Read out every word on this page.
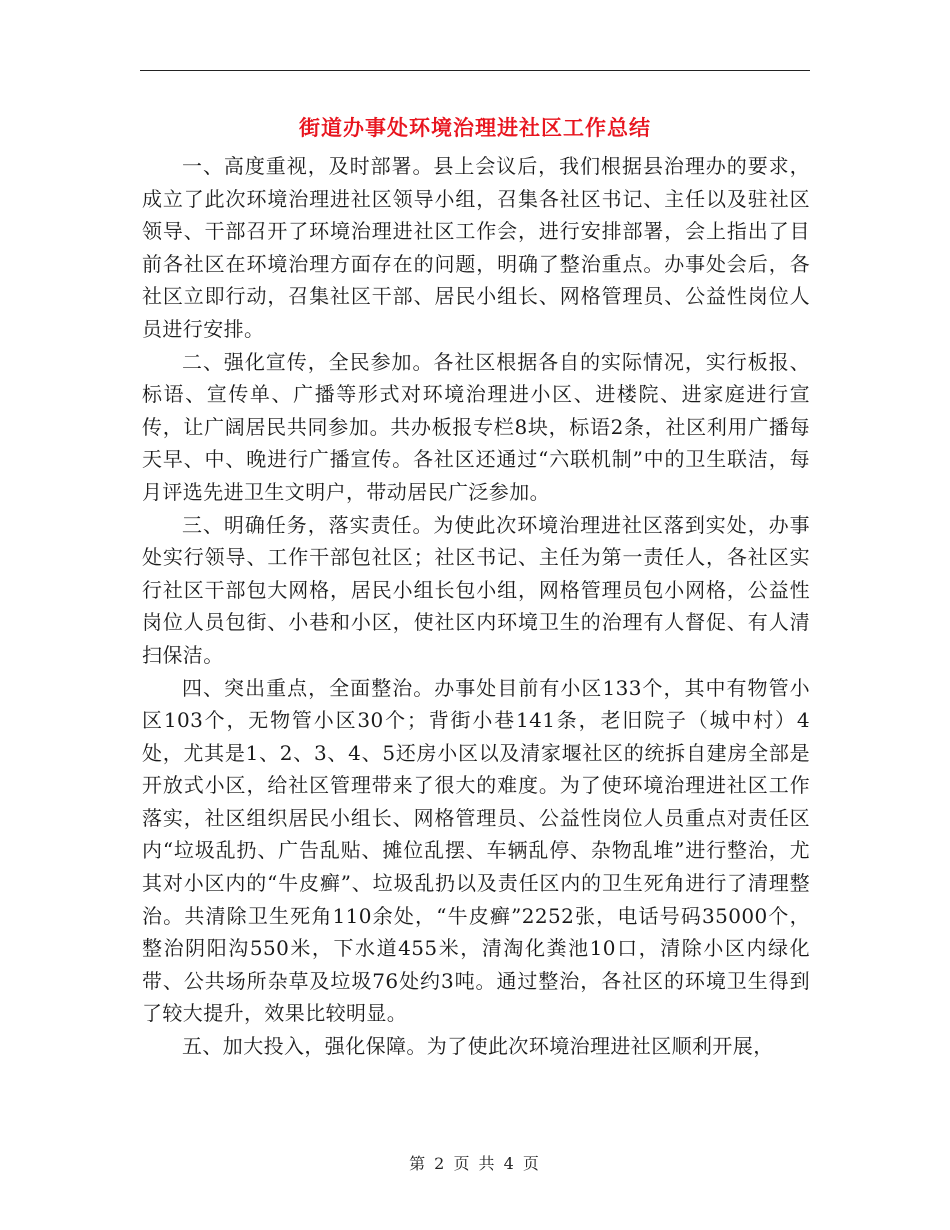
街道办事处环境治理进社区工作总结

一、高度重视，及时部署。县上会议后，我们根据县治理办的要求，成立了此次环境治理进社区领导小组，召集各社区书记、主任以及驻社区领导、干部召开了环境治理进社区工作会，进行安排部署，会上指出了目前各社区在环境治理方面存在的问题，明确了整治重点。办事处会后，各社区立即行动，召集社区干部、居民小组长、网格管理员、公益性岗位人员进行安排。

二、强化宣传，全民参加。各社区根据各自的实际情况，实行板报、标语、宣传单、广播等形式对环境治理进小区、进楼院、进家庭进行宣传，让广阔居民共同参加。共办板报专栏8块，标语2条，社区利用广播每天早、中、晚进行广播宣传。各社区还通过“六联机制”中的卫生联洁，每月评选先进卫生文明户，带动居民广泛参加。

三、明确任务，落实责任。为使此次环境治理进社区落到实处，办事处实行领导、工作干部包社区；社区书记、主任为第一责任人，各社区实行社区干部包大网格，居民小组长包小组，网格管理员包小网格，公益性岗位人员包街、小巷和小区，使社区内环境卫生的治理有人督促、有人清扫保洁。

四、突出重点，全面整治。办事处目前有小区133个，其中有物管小区103个，无物管小区30个；背街小巷141条，老旧院子（城中村）4处，尤其是1、2、3、4、5还房小区以及清家堰社区的统拆自建房全部是开放式小区，给社区管理带来了很大的难度。为了使环境治理进社区工作落实，社区组织居民小组长、网格管理员、公益性岗位人员重点对责任区内“垃圾乱扔、广告乱贴、摊位乱摆、车辆乱停、杂物乱堆”进行整治，尤其对小区内的“牛皮癣”、垃圾乱扔以及责任区内的卫生死角进行了清理整治。共清除卫生死角110余处，“牛皮癣”2252张，电话号码35000个，整治阴阳沟550米，下水道455米，清淘化粪池10口，清除小区内绿化带、公共场所杂草及垃圾76处约3吨。通过整治，各社区的环境卫生得到了较大提升，效果比较明显。

五、加大投入，强化保障。为了使此次环境治理进社区顺利开展，

第 2 页 共 4 页
